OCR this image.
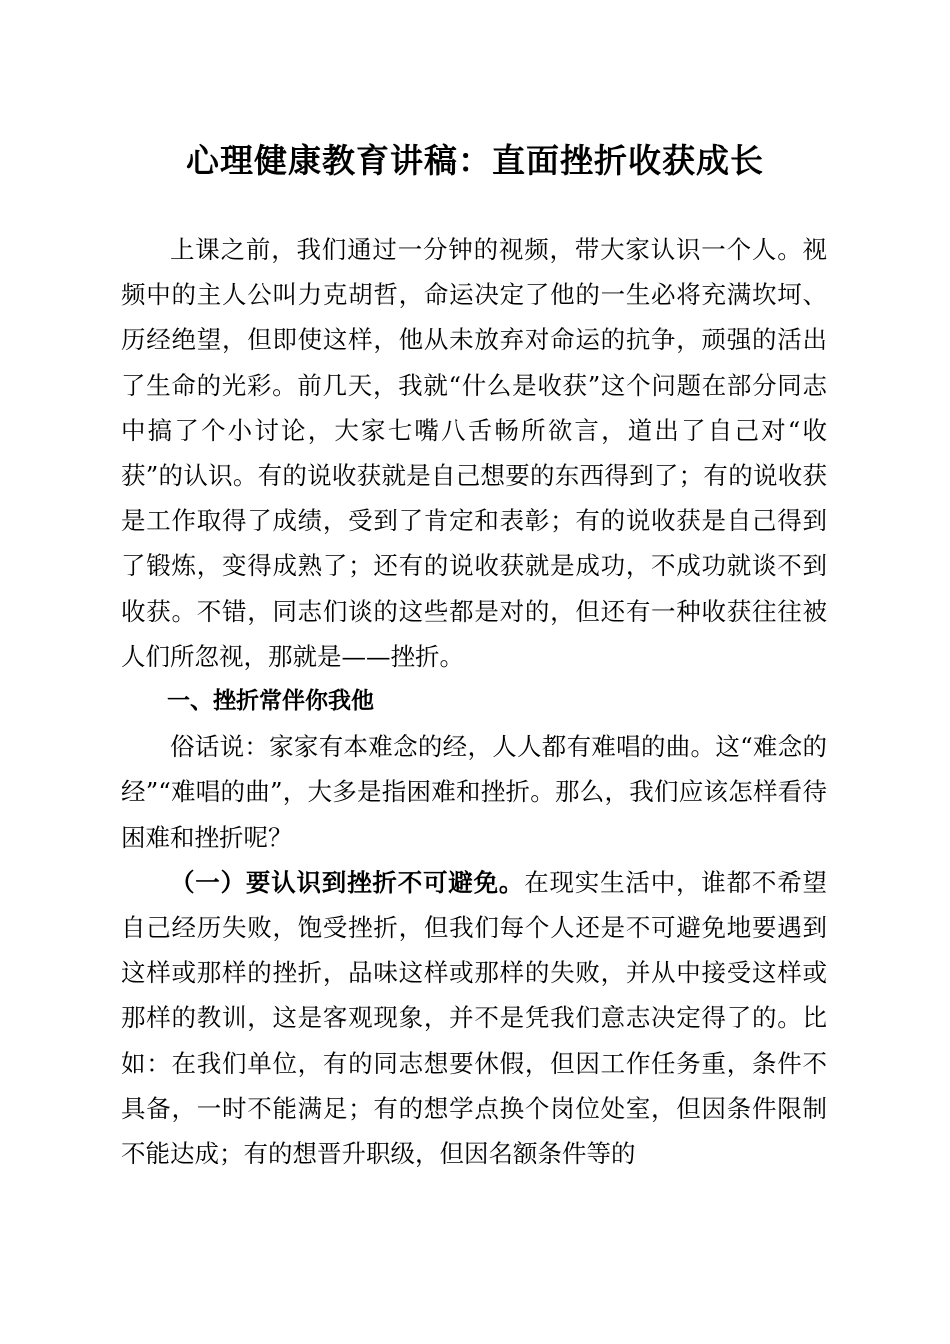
心理健康教育讲稿：直面挫折收获成长

上课之前，我们通过一分钟的视频，带大家认识一个人。视频中的主人公叫力克胡哲，命运决定了他的一生必将充满坎坷、历经绝望，但即使这样，他从未放弃对命运的抗争，顽强的活出了生命的光彩。前几天，我就“什么是收获”这个问题在部分同志中搞了个小讨论，大家七嘴八舌畅所欲言，道出了自己对“收获”的认识。有的说收获就是自己想要的东西得到了；有的说收获是工作取得了成绩，受到了肯定和表彰；有的说收获是自己得到了锻炼，变得成熟了；还有的说收获就是成功，不成功就谈不到收获。不错，同志们谈的这些都是对的，但还有一种收获往往被人们所忽视，那就是——挫折。

一、挫折常伴你我他

俗话说：家家有本难念的经，人人都有难唱的曲。这“难念的经”“难唱的曲”，大多是指困难和挫折。那么，我们应该怎样看待困难和挫折呢？

（一）要认识到挫折不可避免。在现实生活中，谁都不希望自己经历失败，饱受挫折，但我们每个人还是不可避免地要遇到这样或那样的挫折，品味这样或那样的失败，并从中接受这样或那样的教训，这是客观现象，并不是凭我们意志决定得了的。比如：在我们单位，有的同志想要休假，但因工作任务重，条件不具备，一时不能满足；有的想学点换个岗位处室，但因条件限制不能达成；有的想晋升职级，但因名额条件等的
